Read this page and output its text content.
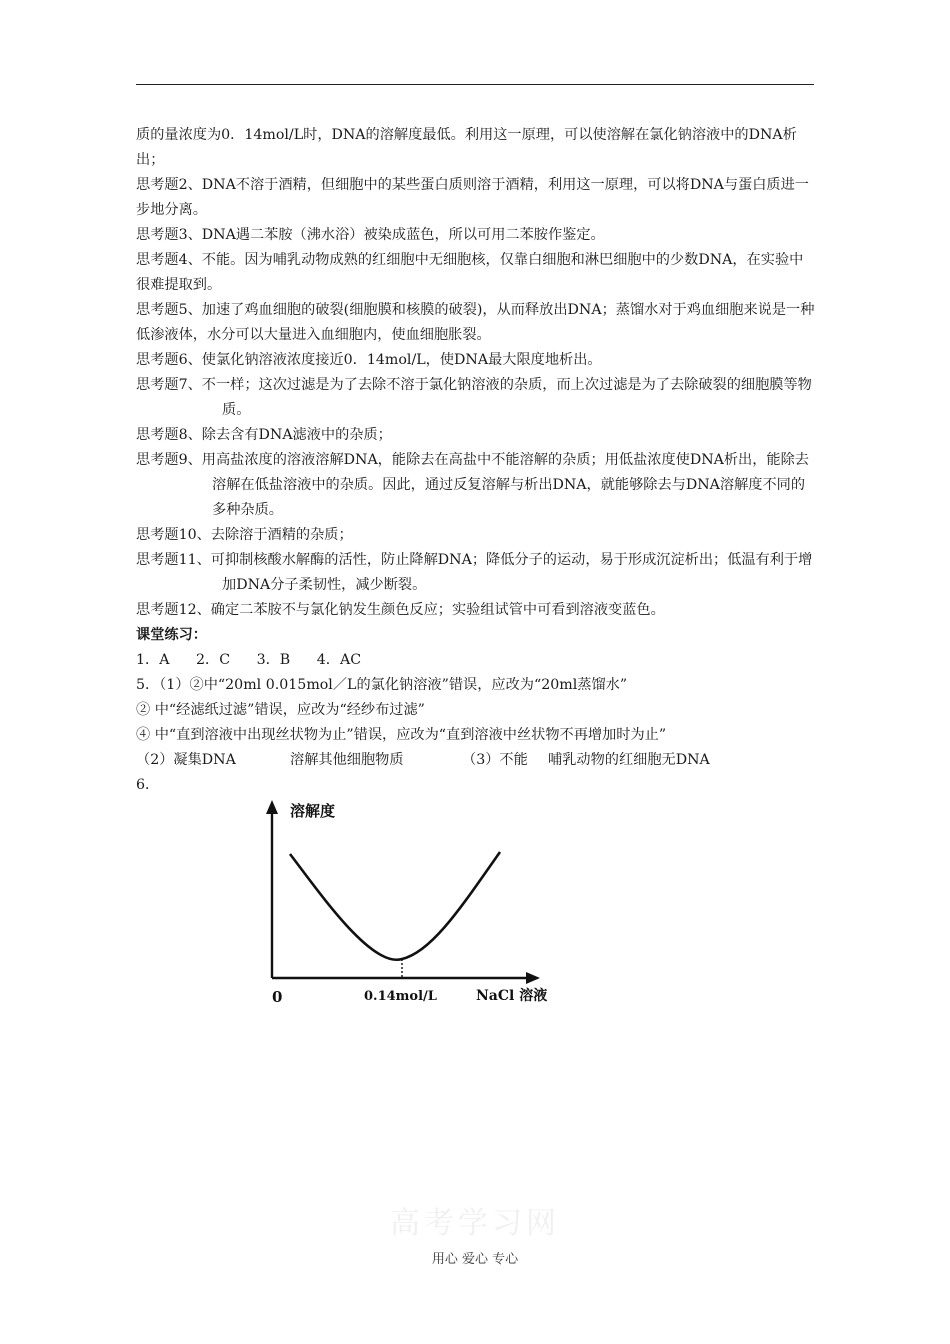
质的量浓度为0．14mol/L时，DNA的溶解度最低。利用这一原理，可以使溶解在氯化钠溶液中的DNA析出；

思考题2、DNA不溶于酒精，但细胞中的某些蛋白质则溶于酒精，利用这一原理，可以将DNA与蛋白质进一步地分离。

思考题3、DNA遇二苯胺（沸水浴）被染成蓝色，所以可用二苯胺作鉴定。

思考题4、不能。因为哺乳动物成熟的红细胞中无细胞核，仅靠白细胞和淋巴细胞中的少数DNA，在实验中很难提取到。

思考题5、加速了鸡血细胞的破裂(细胞膜和核膜的破裂)，从而释放出DNA；蒸馏水对于鸡血细胞来说是一种低渗液体，水分可以大量进入血细胞内，使血细胞胀裂。

思考题6、使氯化钠溶液浓度接近0．14mol/L，使DNA最大限度地析出。

思考题7、不一样；这次过滤是为了去除不溶于氯化钠溶液的杂质，而上次过滤是为了去除破裂的细胞膜等物质。

思考题8、除去含有DNA滤液中的杂质；

思考题9、用高盐浓度的溶液溶解DNA，能除去在高盐中不能溶解的杂质；用低盐浓度使DNA析出，能除去溶解在低盐溶液中的杂质。因此，通过反复溶解与析出DNA，就能够除去与DNA溶解度不同的多种杂质。

思考题10、去除溶于酒精的杂质；

思考题11、可抑制核酸水解酶的活性，防止降解DNA；降低分子的运动，易于形成沉淀析出；低温有利于增加DNA分子柔韧性，减少断裂。

思考题12、确定二苯胺不与氯化钠发生颜色反应；实验组试管中可看到溶液变蓝色。

课堂练习：

1．A 2．C 3．B 4．AC

5．（1）②中“20ml 0.015mol／L的氯化钠溶液”错误，应改为“20ml蒸馏水”

② 中“经滤纸过滤”错误，应改为“经纱布过滤”

④ 中“直到溶液中出现丝状物为止”错误，应改为“直到溶液中丝状物不再增加时为止”

（2）凝集DNA	溶解其他细胞物质	（3）不能 哺乳动物的红细胞无DNA

6．

溶解度
0	0.14mol/L	NaCl 溶液
高考学习网
用心 爱心 专心
